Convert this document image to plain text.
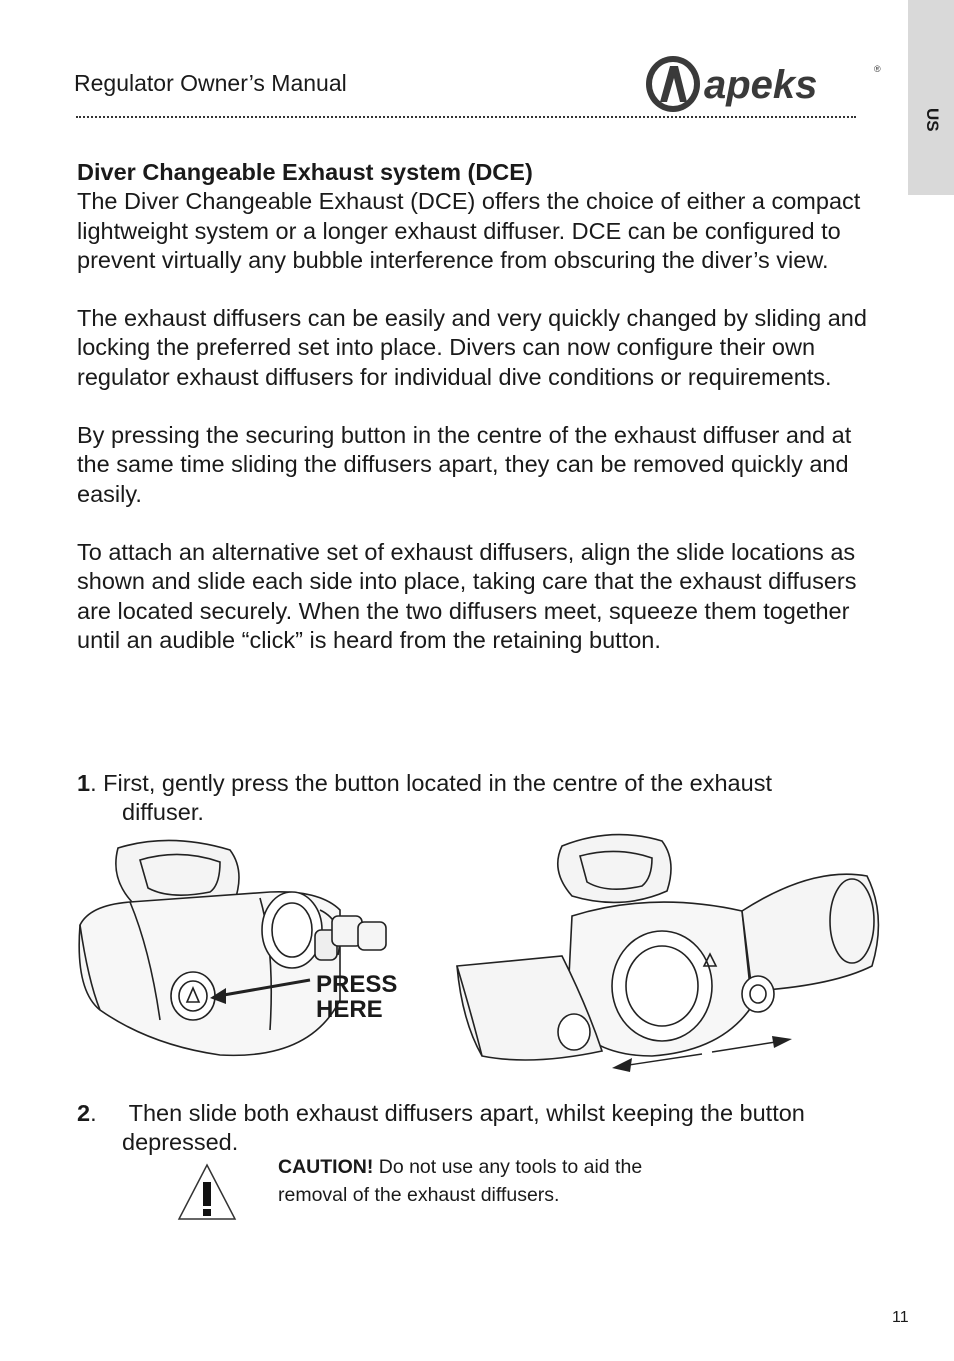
Regulator Owner’s Manual	apeks	®
US
Diver Changeable Exhaust system (DCE)

The Diver Changeable Exhaust (DCE) offers the choice of either a compact lightweight system or a longer exhaust diffuser. DCE can be configured to prevent virtually any bubble interference from obscuring the diver’s view.

The exhaust diffusers can be easily and very quickly changed by sliding and locking the preferred set into place. Divers can now configure their own regulator exhaust diffusers for individual dive conditions or requirements.

By pressing the securing button in the centre of the exhaust diffuser and at the same time sliding the diffusers apart, they can be removed quickly and easily.

To attach an alternative set of exhaust diffusers, align the slide locations as shown and slide each side into place, taking care that the exhaust diffusers are located securely. When the two diffusers meet, squeeze them together until an audible “click” is heard from the retaining button.

1. First, gently press the button located in the centre of the exhaust
diffuser.
PRESS
HERE
2. Then slide both exhaust diffusers apart, whilst keeping the button
depressed.
CAUTION! Do not use any tools to aid the
removal of the exhaust diffusers.
11
